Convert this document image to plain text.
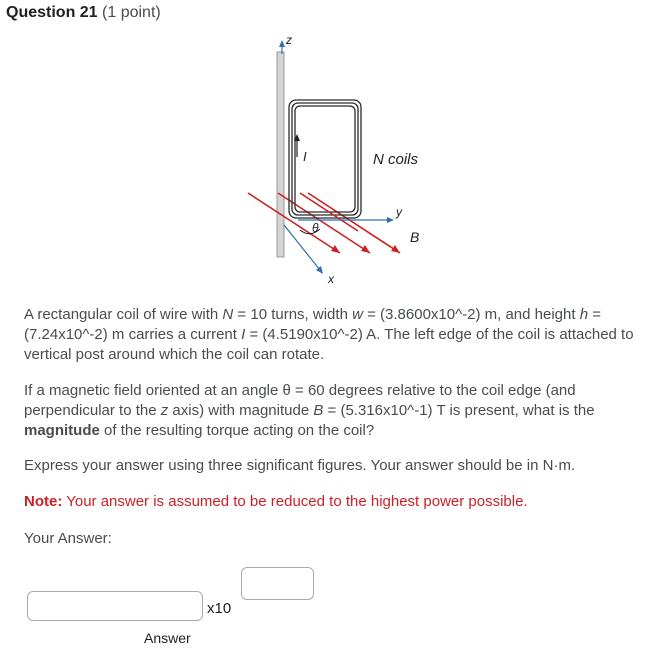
Question 21 (1 point)
z
I	N coils
y
x
θ
B
A rectangular coil of wire with N = 10 turns, width w = (3.8600x10^-2) m, and height h = (7.24x10^-2) m carries a current I = (4.5190x10^-2) A. The left edge of the coil is attached to vertical post around which the coil can rotate.
If a magnetic field oriented at an angle θ = 60 degrees relative to the coil edge (and perpendicular to the z axis) with magnitude B = (5.316x10^-1) T is present, what is the magnitude of the resulting torque acting on the coil?
Express your answer using three significant figures. Your answer should be in N·m.
Note: Your answer is assumed to be reduced to the highest power possible.
Your Answer:
x10
Answer
